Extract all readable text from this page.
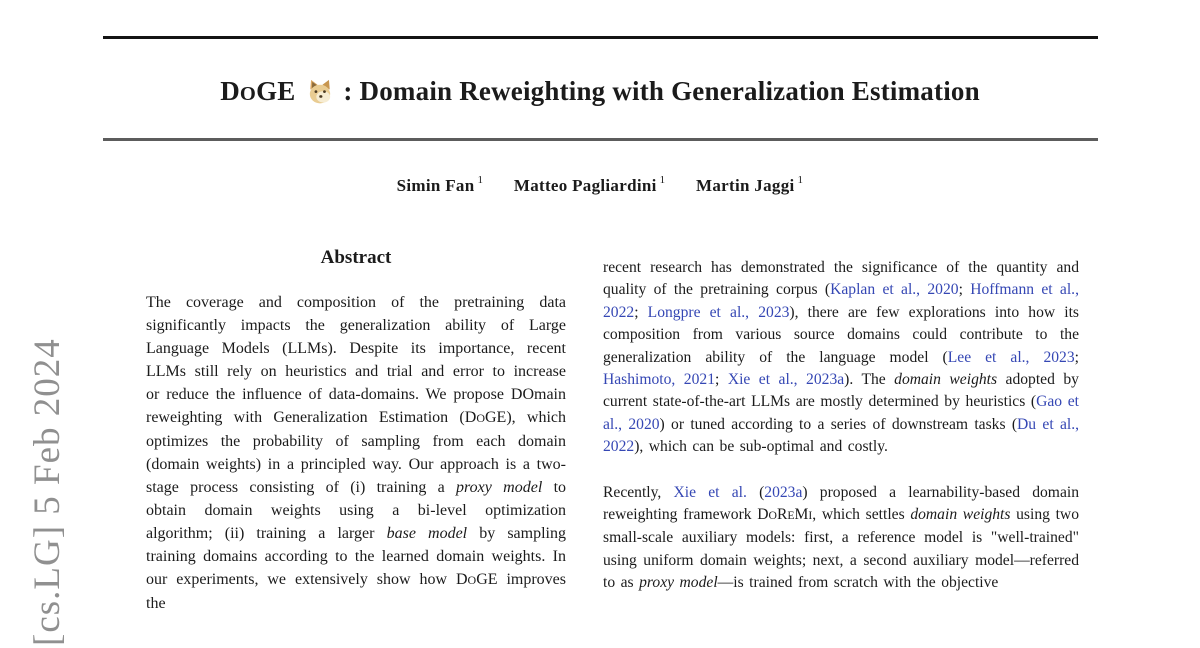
[cs.LG] 5 Feb 2024
DOGE  : Domain Reweighting with Generalization Estimation
Simin Fan $^1$ Matteo Pagliardini $^1$ Martin Jaggi $^1$
Abstract

The coverage and composition of the pretraining data significantly impacts the generalization ability of Large Language Models (LLMs). Despite its importance, recent LLMs still rely on heuristics and trial and error to increase or reduce the influence of data-domains. We propose DOmain reweighting with Generalization Estimation (DOGE), which optimizes the probability of sampling from each domain (domain weights) in a principled way. Our approach is a two-stage process consisting of (i) training a proxy model to obtain domain weights using a bi-level optimization algorithm; (ii) training a larger base model by sampling training domains according to the learned domain weights. In our experiments, we extensively show how DOGE improves the

recent research has demonstrated the significance of the quantity and quality of the pretraining corpus (Kaplan et al., 2020; Hoffmann et al., 2022; Longpre et al., 2023), there are few explorations into how its composition from various source domains could contribute to the generalization ability of the language model (Lee et al., 2023; Hashimoto, 2021; Xie et al., 2023a). The domain weights adopted by current state-of-the-art LLMs are mostly determined by heuristics (Gao et al., 2020) or tuned according to a series of downstream tasks (Du et al., 2022), which can be sub-optimal and costly.

Recently, Xie et al. (2023a) proposed a learnability-based domain reweighting framework DOREMI, which settles domain weights using two small-scale auxiliary models: first, a reference model is "well-trained" using uniform domain weights; next, a second auxiliary model—referred to as proxy model—is trained from scratch with the objective
